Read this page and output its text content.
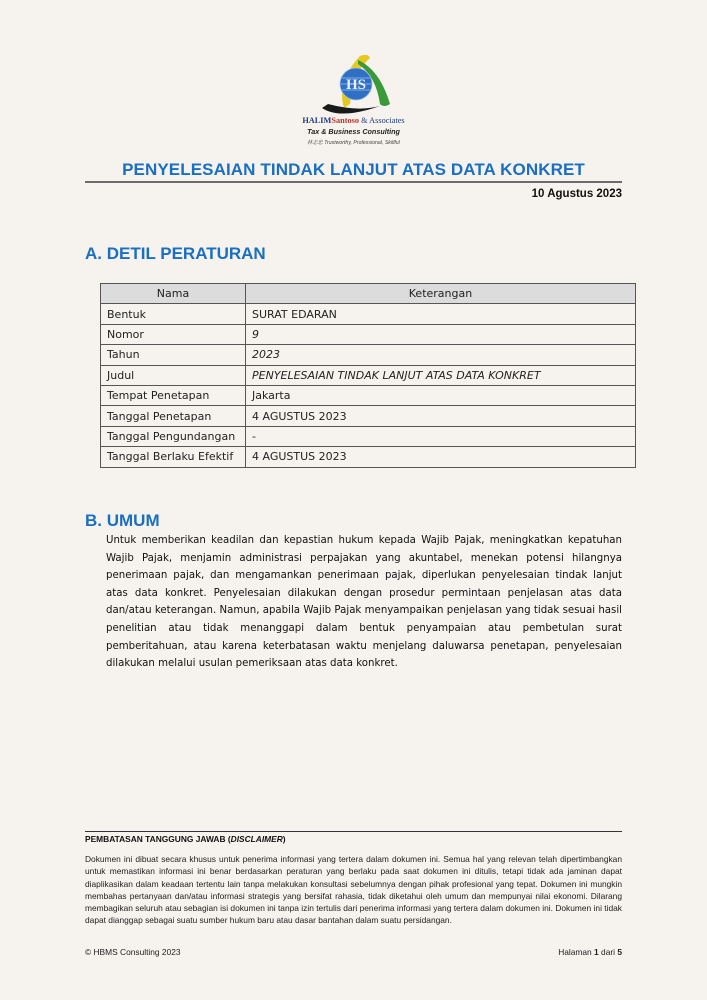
HS
HALIMSantoso & Associates
Tax & Business Consulting
林志忠 Trustworthy, Professional, Skillful
PENYELESAIAN TINDAK LANJUT ATAS DATA KONKRET
10 Agustus 2023
A. DETIL PERATURAN
Nama	Keterangan
Bentuk	SURAT EDARAN
Nomor	9
Tahun	2023
Judul	PENYELESAIAN TINDAK LANJUT ATAS DATA KONKRET
Tempat Penetapan	Jakarta
Tanggal Penetapan	4 AGUSTUS 2023
Tanggal Pengundangan	-
Tanggal Berlaku Efektif	4 AGUSTUS 2023
B. UMUM

Untuk memberikan keadilan dan kepastian hukum kepada Wajib Pajak, meningkatkan kepatuhan Wajib Pajak, menjamin administrasi perpajakan yang akuntabel, menekan potensi hilangnya penerimaan pajak, dan mengamankan penerimaan pajak, diperlukan penyelesaian tindak lanjut atas data konkret. Penyelesaian dilakukan dengan prosedur permintaan penjelasan atas data dan/atau keterangan. Namun, apabila Wajib Pajak menyampaikan penjelasan yang tidak sesuai hasil penelitian atau tidak menanggapi dalam bentuk penyampaian atau pembetulan surat pemberitahuan, atau karena keterbatasan waktu menjelang daluwarsa penetapan, penyelesaian dilakukan melalui usulan pemeriksaan atas data konkret.

PEMBATASAN TANGGUNG JAWAB (DISCLAIMER)

Dokumen ini dibuat secara khusus untuk penerima informasi yang tertera dalam dokumen ini. Semua hal yang relevan telah dipertimbangkan untuk memastikan informasi ini benar berdasarkan peraturan yang berlaku pada saat dokumen ini ditulis, tetapi tidak ada jaminan dapat diaplikasikan dalam keadaan tertentu lain tanpa melakukan konsultasi sebelumnya dengan pihak profesional yang tepat. Dokumen ini mungkin membahas pertanyaan dan/atau informasi strategis yang bersifat rahasia, tidak diketahui oleh umum dan mempunyai nilai ekonomi. Dilarang membagikan seluruh atau sebagian isi dokumen ini tanpa izin tertulis dari penerima informasi yang tertera dalam dokumen ini. Dokumen ini tidak dapat dianggap sebagai suatu sumber hukum baru atau dasar bantahan dalam suatu persidangan.

© HBMS Consulting 2023	Halaman 1 dari 5
